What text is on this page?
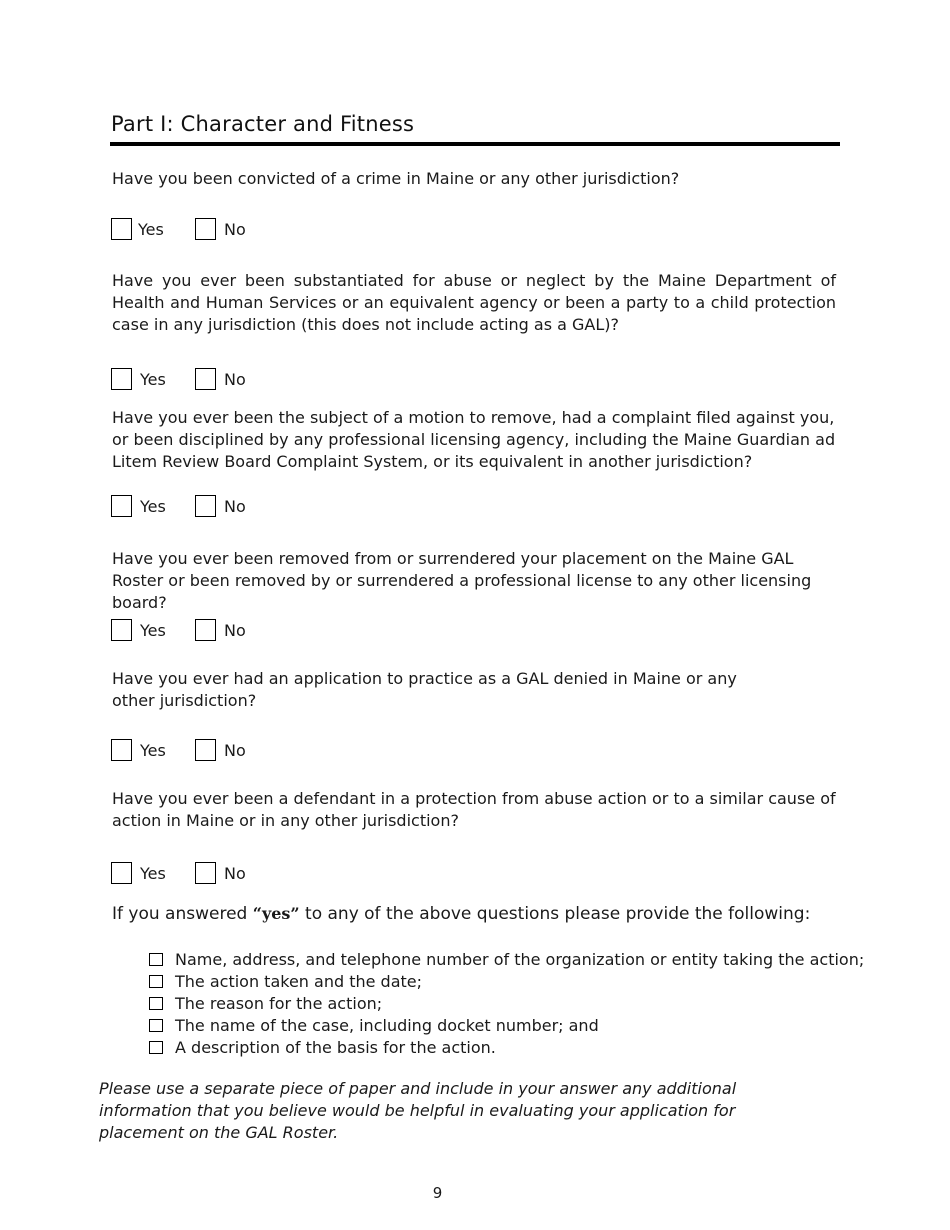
Part I: Character and Fitness
Have you been convicted of a crime in Maine or any other jurisdiction?
Yes	No
Have you ever been substantiated for abuse or neglect by the Maine Department of Health and Human Services or an equivalent agency or been a party to a child protection case in any jurisdiction (this does not include acting as a GAL)?
Yes	No
Have you ever been the subject of a motion to remove, had a complaint filed against you, or been disciplined by any professional licensing agency, including the Maine Guardian ad Litem Review Board Complaint System, or its equivalent in another jurisdiction?
Yes	No
Have you ever been removed from or surrendered your placement on the Maine GAL Roster or been removed by or surrendered a professional license to any other licensing board?
Yes	No
Have you ever had an application to practice as a GAL denied in Maine or any other jurisdiction?
Yes	No
Have you ever been a defendant in a protection from abuse action or to a similar cause of action in Maine or in any other jurisdiction?
Yes	No
If you answered “yes” to any of the above questions please provide the following:
Name, address, and telephone number of the organization or entity taking the action;
The action taken and the date;
The reason for the action;
The name of the case, including docket number; and
A description of the basis for the action.
Please use a separate piece of paper and include in your answer any additional information that you believe would be helpful in evaluating your application for placement on the GAL Roster.
9
